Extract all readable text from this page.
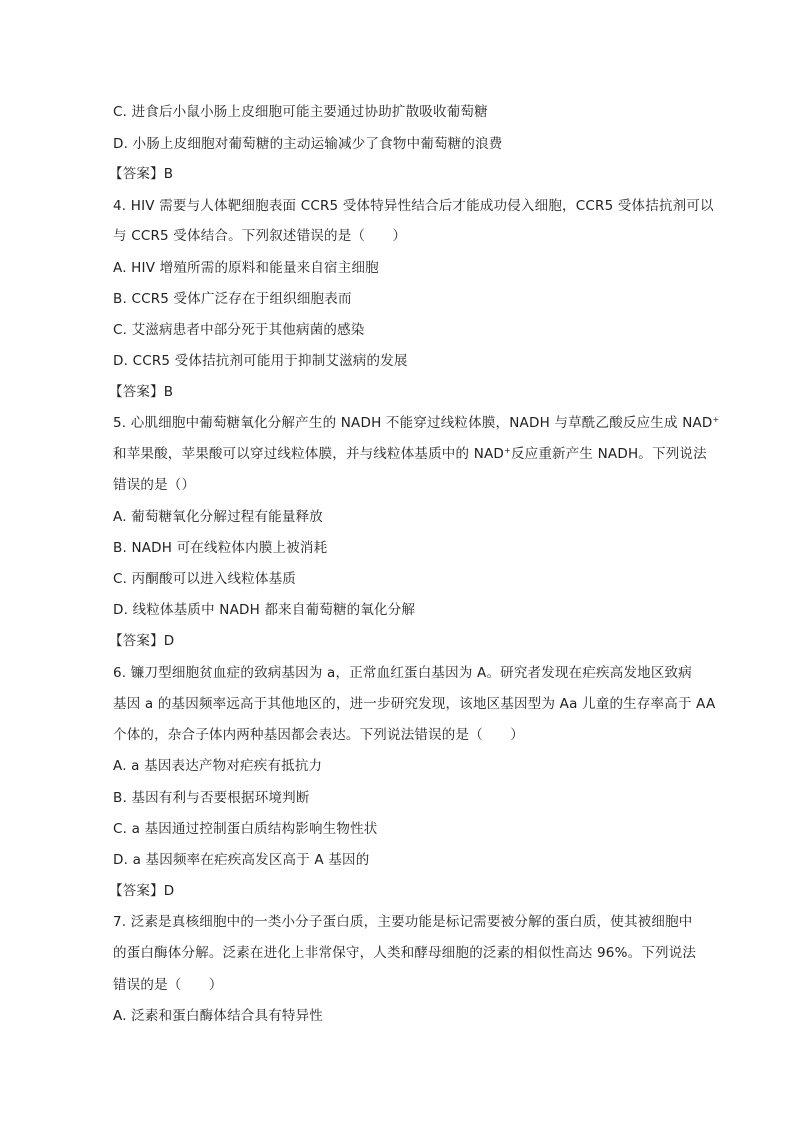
C. 进食后小鼠小肠上皮细胞可能主要通过协助扩散吸收葡萄糖
D. 小肠上皮细胞对葡萄糖的主动运输减少了食物中葡萄糖的浪费
【答案】B
4. HIV 需要与人体靶细胞表面 CCR5 受体特异性结合后才能成功侵入细胞，CCR5 受体拮抗剂可以
与 CCR5 受体结合。下列叙述错误的是（　　）
A. HIV 增殖所需的原料和能量来自宿主细胞
B. CCR5 受体广泛存在于组织细胞表而
C. 艾滋病患者中部分死于其他病菌的感染
D. CCR5 受体拮抗剂可能用于抑制艾滋病的发展
【答案】B
5. 心肌细胞中葡萄糖氧化分解产生的 NADH 不能穿过线粒体膜，NADH 与草酰乙酸反应生成 NAD+
和苹果酸，苹果酸可以穿过线粒体膜，并与线粒体基质中的 NAD+反应重新产生 NADH。下列说法
错误的是（）
A. 葡萄糖氧化分解过程有能量释放
B. NADH 可在线粒体内膜上被消耗
C. 丙酮酸可以进入线粒体基质
D. 线粒体基质中 NADH 都来自葡萄糖的氧化分解
【答案】D
6. 镰刀型细胞贫血症的致病基因为 a，正常血红蛋白基因为 A。研究者发现在疟疾高发地区致病
基因 a 的基因频率远高于其他地区的，进一步研究发现，该地区基因型为 Aa 儿童的生存率高于 AA
个体的，杂合子体内两种基因都会表达。下列说法错误的是（　　）
A. a 基因表达产物对疟疾有抵抗力
B. 基因有利与否要根据环境判断
C. a 基因通过控制蛋白质结构影响生物性状
D. a 基因频率在疟疾高发区高于 A 基因的
【答案】D
7. 泛素是真核细胞中的一类小分子蛋白质，主要功能是标记需要被分解的蛋白质，使其被细胞中
的蛋白酶体分解。泛素在进化上非常保守，人类和酵母细胞的泛素的相似性高达 96%。下列说法
错误的是（　　）
A. 泛素和蛋白酶体结合具有特异性
